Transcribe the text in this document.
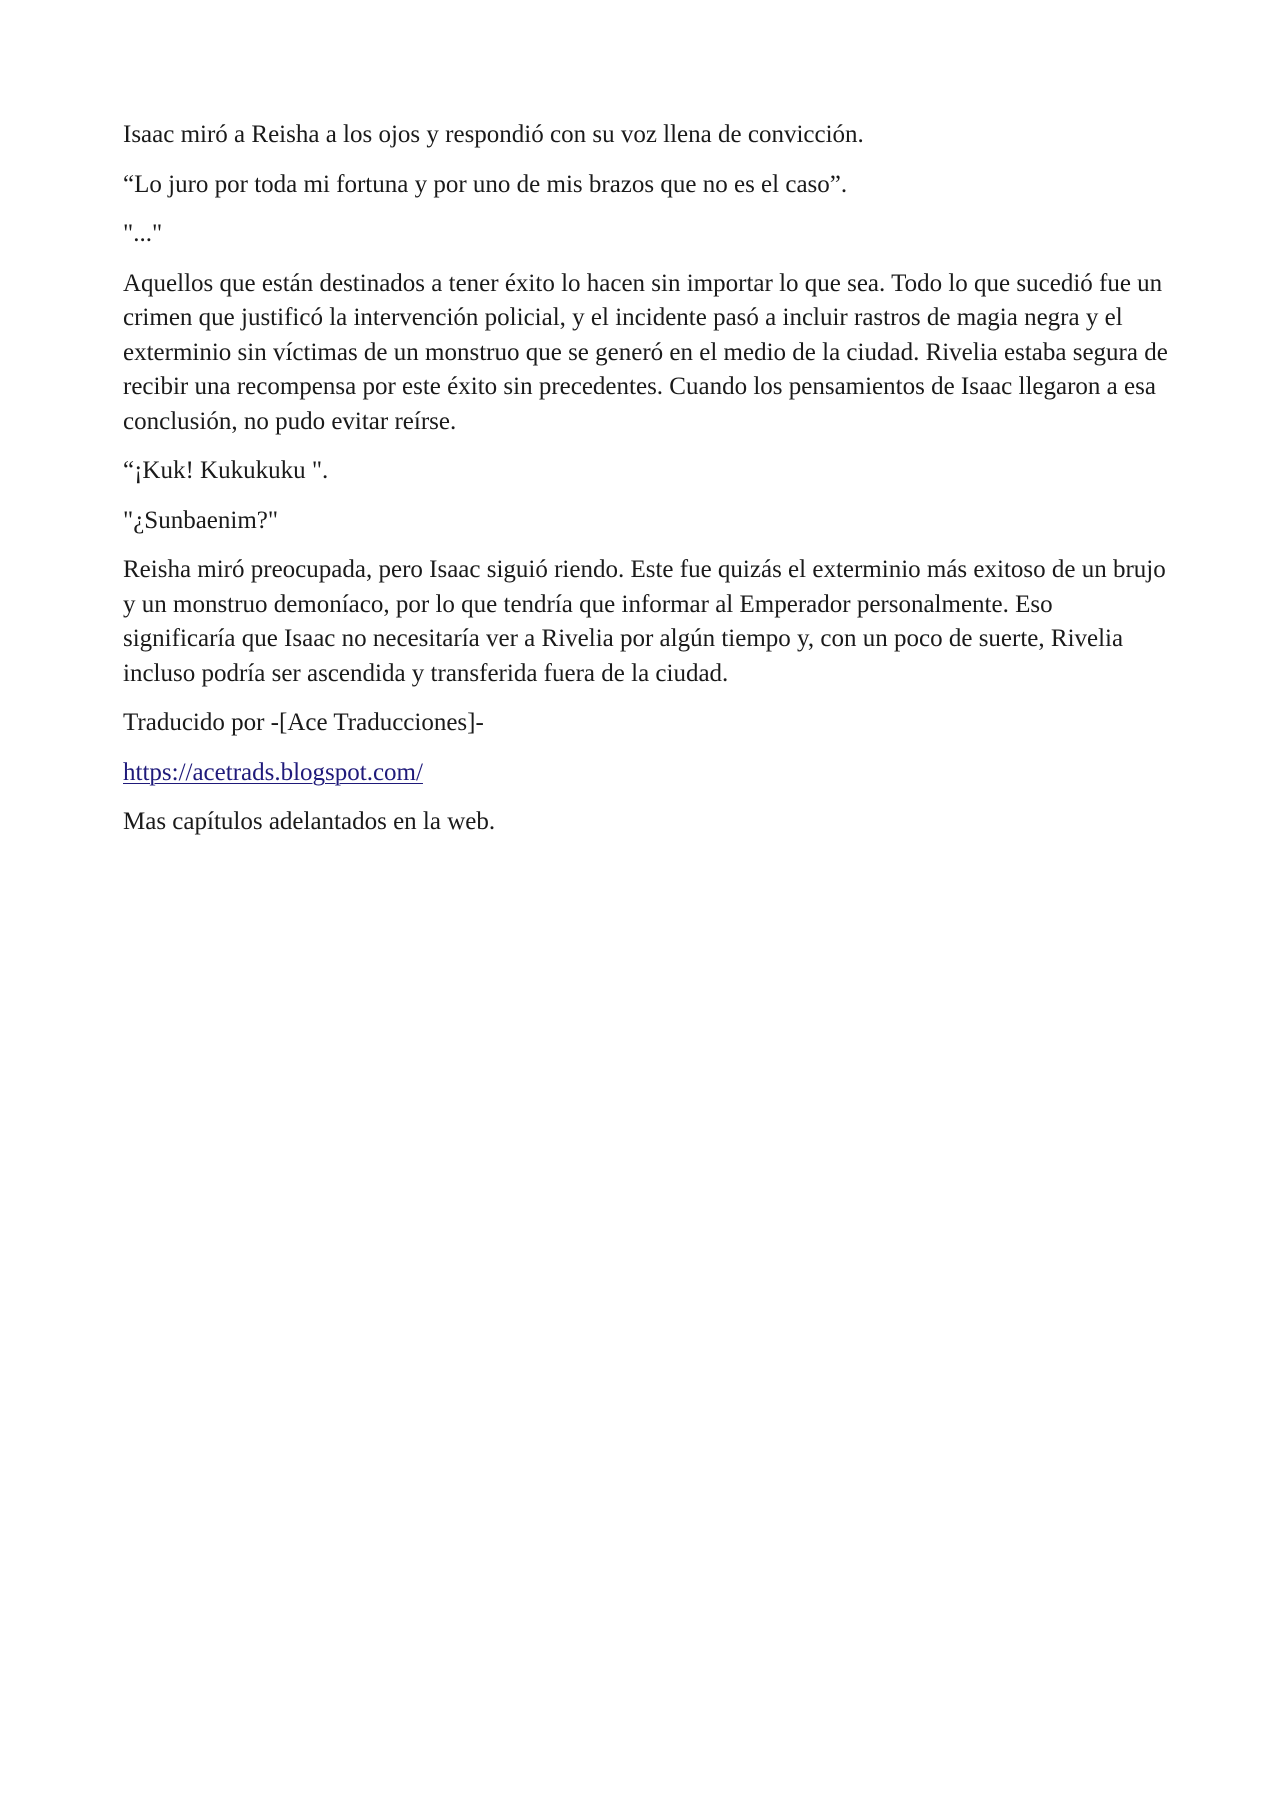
Isaac miró a Reisha a los ojos y respondió con su voz llena de convicción.

“Lo juro por toda mi fortuna y por uno de mis brazos que no es el caso”.

"..."

Aquellos que están destinados a tener éxito lo hacen sin importar lo que sea. Todo lo que sucedió fue un crimen que justificó la intervención policial, y el incidente pasó a incluir rastros de magia negra y el exterminio sin víctimas de un monstruo que se generó en el medio de la ciudad. Rivelia estaba segura de recibir una recompensa por este éxito sin precedentes. Cuando los pensamientos de Isaac llegaron a esa conclusión, no pudo evitar reírse.

“¡Kuk! Kukukuku ".

"¿Sunbaenim?"

Reisha miró preocupada, pero Isaac siguió riendo. Este fue quizás el exterminio más exitoso de un brujo y un monstruo demoníaco, por lo que tendría que informar al Emperador personalmente. Eso significaría que Isaac no necesitaría ver a Rivelia por algún tiempo y, con un poco de suerte, Rivelia incluso podría ser ascendida y transferida fuera de la ciudad.

Traducido por -[Ace Traducciones]-

https://acetrads.blogspot.com/

Mas capítulos adelantados en la web.
